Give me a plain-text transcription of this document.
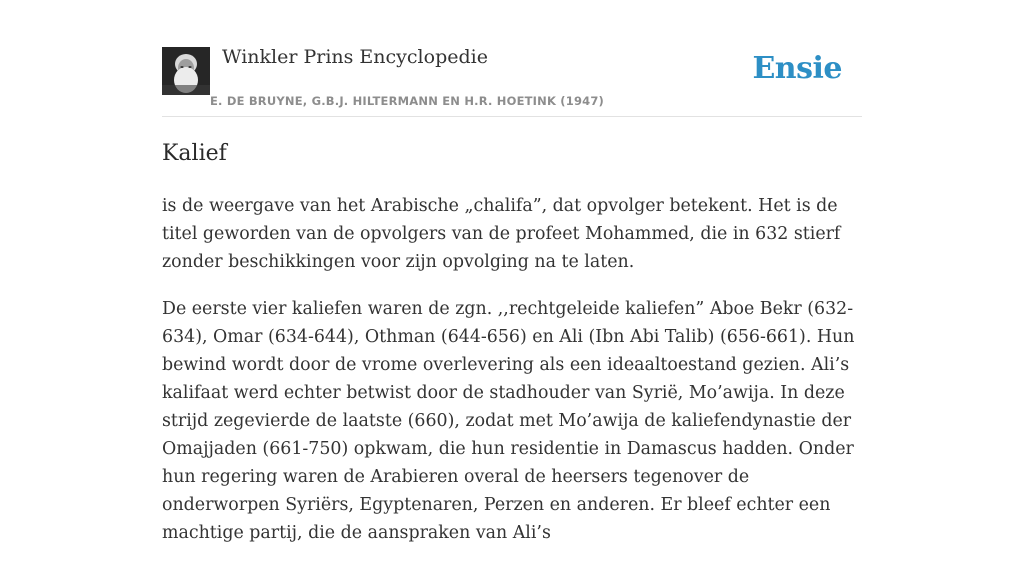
Winkler Prins Encyclopedie
E. DE BRUYNE, G.B.J. HILTERMANN EN H.R. HOETINK (1947)
Ensie
Kalief

is de weergave van het Arabische „chalifa”, dat opvolger betekent. Het is de titel geworden van de opvolgers van de profeet Mohammed, die in 632 stierf zonder beschikkingen voor zijn opvolging na te laten.

De eerste vier kaliefen waren de zgn. ,,rechtgeleide kaliefen” Aboe Bekr (632-634), Omar (634-644), Othman (644-656) en Ali (Ibn Abi Talib) (656-661). Hun bewind wordt door de vrome overlevering als een ideaaltoestand gezien. Ali’s kalifaat werd echter betwist door de stadhouder van Syrië, Mo’awija. In deze strijd zegevierde de laatste (660), zodat met Mo’awija de kaliefendynastie der Omajjaden (661-750) opkwam, die hun residentie in Damascus hadden. Onder hun regering waren de Arabieren overal de heersers tegenover de onderworpen Syriërs, Egyptenaren, Perzen en anderen. Er bleef echter een machtige partij, die de aanspraken van Ali’s
